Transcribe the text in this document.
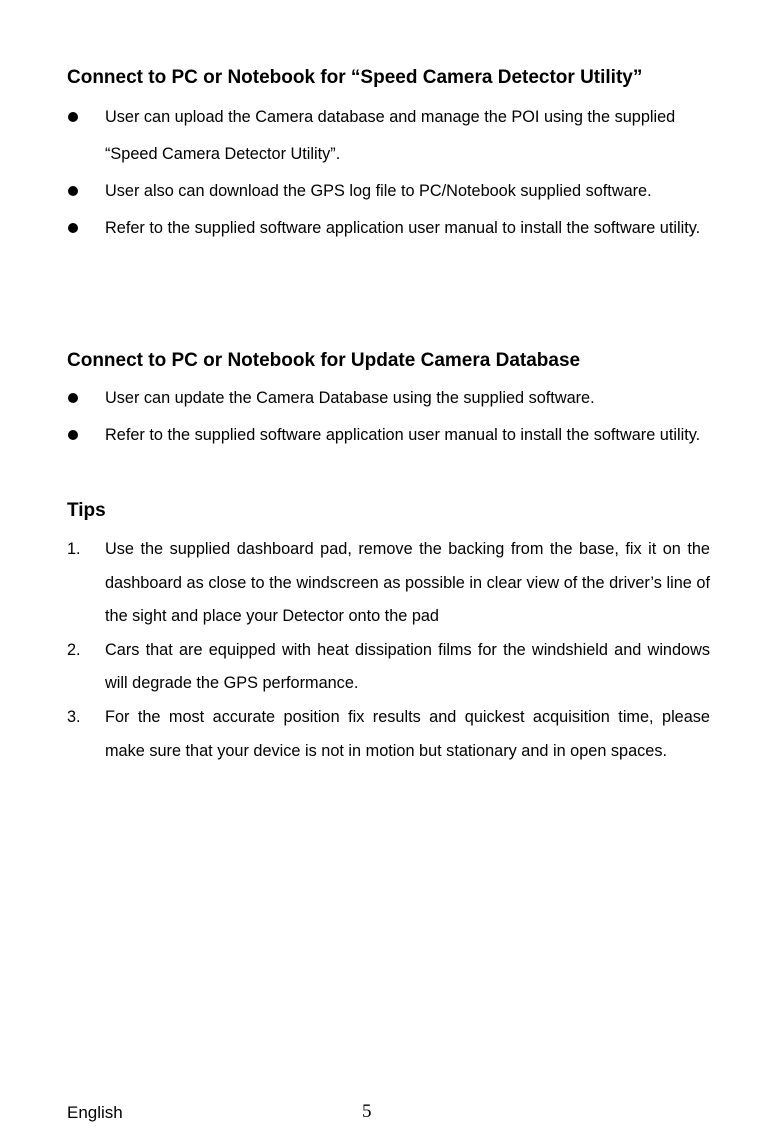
Connect to PC or Notebook for “Speed Camera Detector Utility”
User can upload the Camera database and manage the POI using the supplied “Speed Camera Detector Utility”.
User also can download the GPS log file to PC/Notebook supplied software.
Refer to the supplied software application user manual to install the software utility.
Connect to PC or Notebook for Update Camera Database
User can update the Camera Database using the supplied software.
Refer to the supplied software application user manual to install the software utility.
Tips
1. Use the supplied dashboard pad, remove the backing from the base, fix it on the dashboard as close to the windscreen as possible in clear view of the driver’s line of the sight and place your Detector onto the pad
2. Cars that are equipped with heat dissipation films for the windshield and windows will degrade the GPS performance.
3. For the most accurate position fix results and quickest acquisition time, please make sure that your device is not in motion but stationary and in open spaces.
English	5
